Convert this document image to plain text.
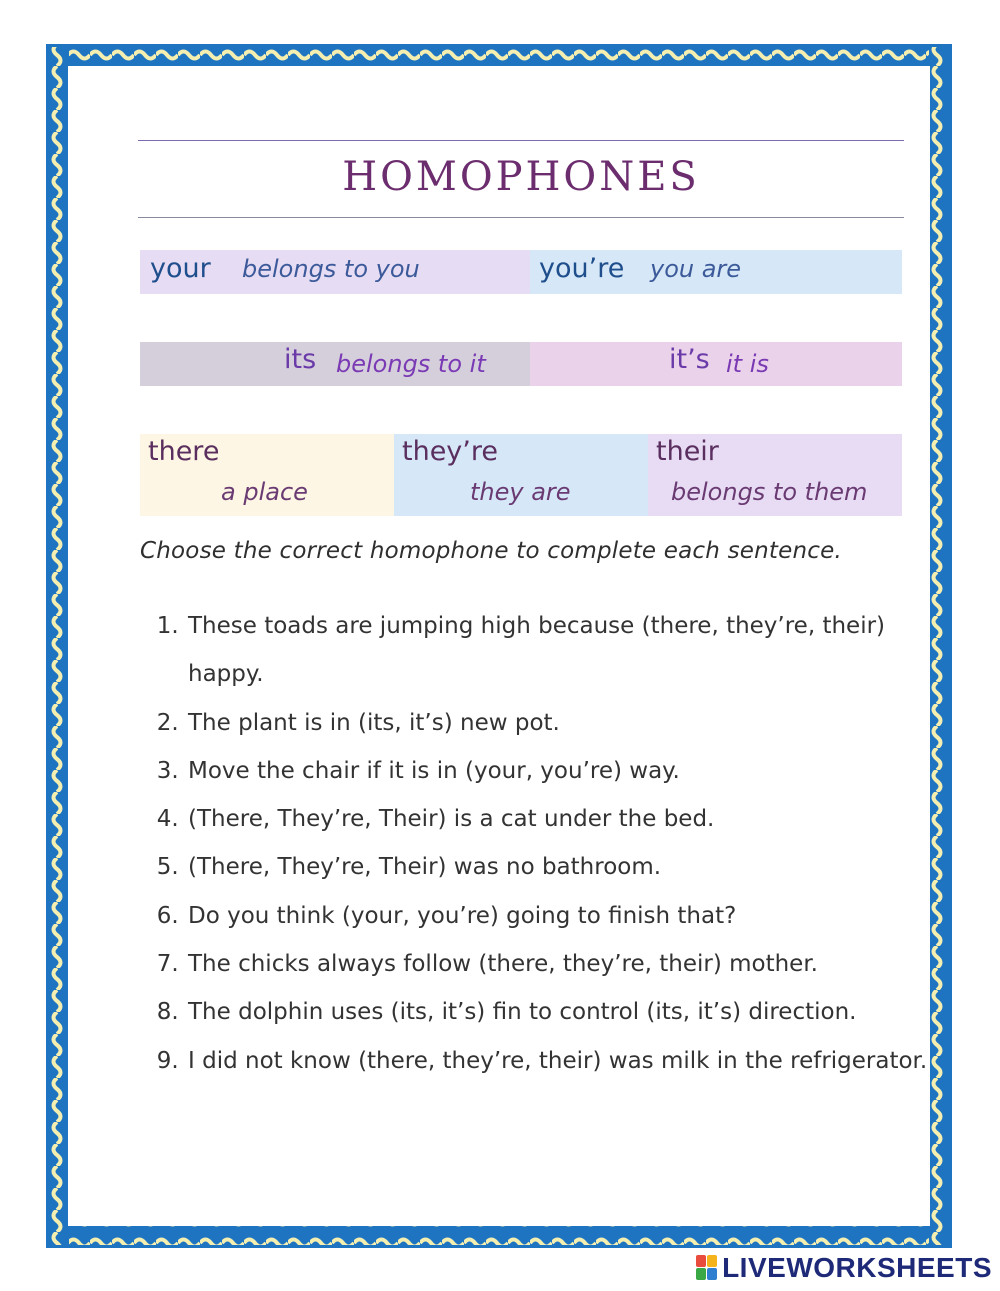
HOMOPHONES
your belongs to you	you’re you are
its belongs to it	it’s it is
there
a place
they’re
they are
their
belongs to them
Choose the correct homophone to complete each sentence.
1. These toads are jumping high because (there, they’re, their) happy.
2. The plant is in (its, it’s) new pot.
3. Move the chair if it is in (your, you’re) way.
4. (There, They’re, Their) is a cat under the bed.
5. (There, They’re, Their) was no bathroom.
6. Do you think (your, you’re) going to finish that?
7. The chicks always follow (there, they’re, their) mother.
8. The dolphin uses (its, it’s) fin to control (its, it’s) direction.
9. I did not know (there, they’re, their) was milk in the refrigerator.
LIVEWORKSHEETS
